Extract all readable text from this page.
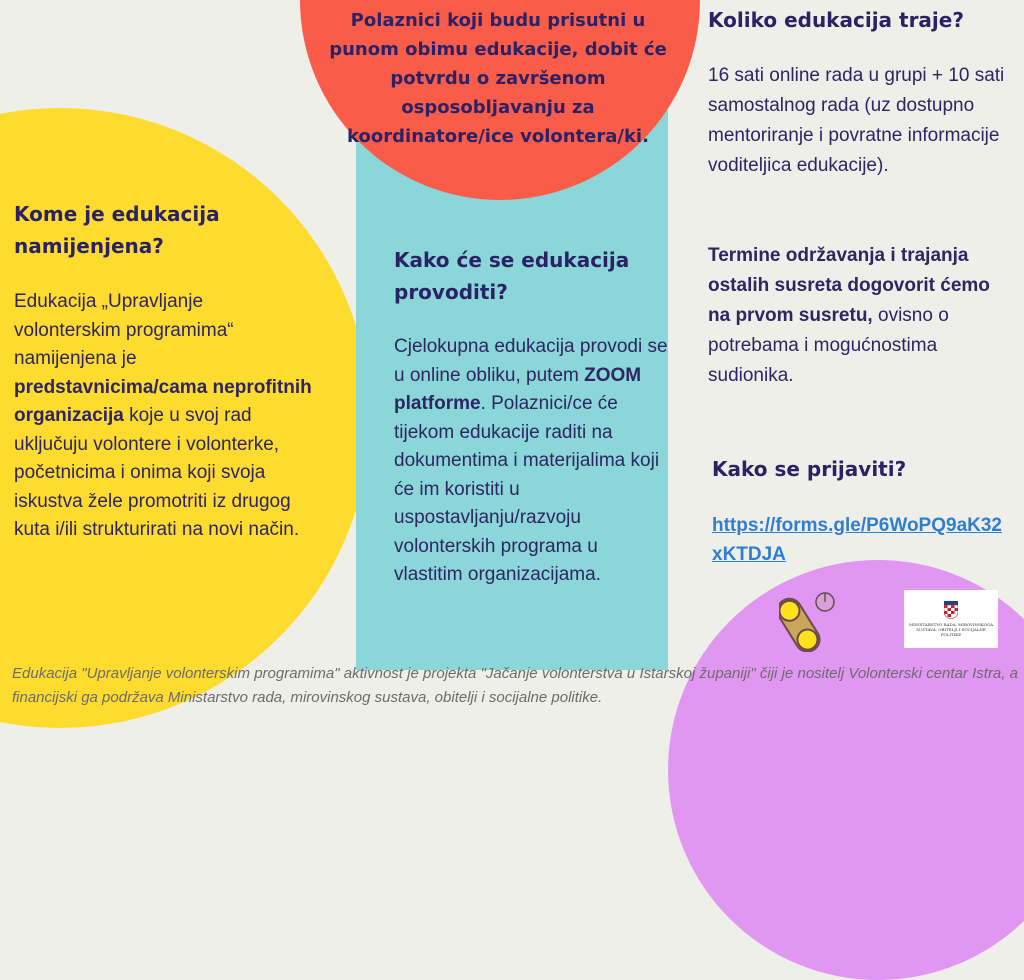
Polaznici koji budu prisutni u punom obimu edukacije, dobit će potvrdu o završenom osposobljavanju za koordinatore/ice volontera/ki.
Kome je edukacija namijenjena?
Edukacija „Upravljanje volonterskim programima“ namijenjena je predstavnicima/cama neprofitnih organizacija koje u svoj rad uključuju volontere i volonterke, početnicima i onima koji svoja iskustva žele promotriti iz drugog kuta i/ili strukturirati na novi način.
Kako će se edukacija provoditi?
Cjelokupna edukacija provodi se u online obliku, putem ZOOM platforme. Polaznici/ce će tijekom edukacije raditi na dokumentima i materijalima koji će im koristiti u uspostavljanju/razvoju volonterskih programa u vlastitim organizacijama.
Koliko edukacija traje?
16 sati online rada u grupi + 10 sati samostalnog rada (uz dostupno mentoriranje i povratne informacije voditeljica edukacije).
Termine održavanja i trajanja ostalih susreta dogovorit ćemo na prvom susretu, ovisno o potrebama i mogućnostima sudionika.
Kako se prijaviti?
https://forms.gle/P6WoPQ9aK32xKTDJA
MINISTARSTVO RADA, MIROVINSKOGA SUSTAVA, OBITELJI I SOCIJALNE POLITIKE
Edukacija "Upravljanje volonterskim programima" aktivnost je projekta "Jačanje volonterstva u Istarskoj županiji" čiji je nositelj Volonterski centar Istra, a financijski ga podržava Ministarstvo rada, mirovinskog sustava, obitelji i socijalne politike.
